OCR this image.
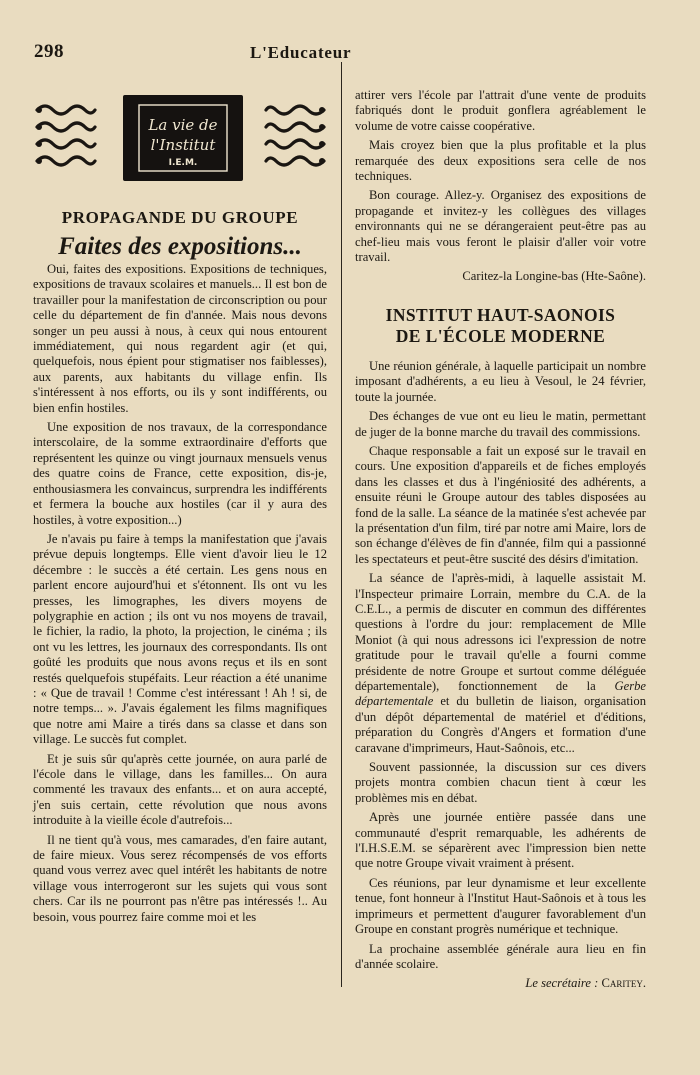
298	L'Educateur
La vie de
l'Institut
I.E.M.
PROPAGANDE DU GROUPE
Faites des expositions...

Oui, faites des expositions. Expositions de techniques, expositions de travaux scolaires et manuels... Il est bon de travailler pour la manifestation de circonscription ou pour celle du département de fin d'année. Mais nous devons songer un peu aussi à nous, à ceux qui nous entourent immédiatement, qui nous regardent agir (et qui, quelquefois, nous épient pour stigmatiser nos faiblesses), aux parents, aux habitants du village enfin. Ils s'intéressent à nos efforts, ou ils y sont indifférents, ou bien enfin hostiles.

Une exposition de nos travaux, de la correspondance interscolaire, de la somme extraordinaire d'efforts que représentent les quinze ou vingt journaux mensuels venus des quatre coins de France, cette exposition, dis-je, enthousiasmera les convaincus, surprendra les indifférents et fermera la bouche aux hostiles (car il y aura des hostiles, à votre exposition...)

Je n'avais pu faire à temps la manifestation que j'avais prévue depuis longtemps. Elle vient d'avoir lieu le 12 décembre : le succès a été certain. Les gens nous en parlent encore aujourd'hui et s'étonnent. Ils ont vu les presses, les limographes, les divers moyens de polygraphie en action ; ils ont vu nos moyens de travail, le fichier, la radio, la photo, la projection, le cinéma ; ils ont vu les lettres, les journaux des correspondants. Ils ont goûté les produits que nous avons reçus et ils en sont restés quelquefois stupéfaits. Leur réaction a été unanime : « Que de travail ! Comme c'est intéressant ! Ah ! si, de notre temps... ». J'avais également les films magnifiques que notre ami Maire a tirés dans sa classe et dans son village. Le succès fut complet.

Et je suis sûr qu'après cette journée, on aura parlé de l'école dans le village, dans les familles... On aura commenté les travaux des enfants... et on aura accepté, j'en suis certain, cette révolution que nous avons introduite à la vieille école d'autrefois...

Il ne tient qu'à vous, mes camarades, d'en faire autant, de faire mieux. Vous serez récompensés de vos efforts quand vous verrez avec quel intérêt les habitants de notre village vous interrogeront sur les sujets qui vous sont chers. Car ils ne pourront pas n'être pas intéressés !.. Au besoin, vous pourrez faire comme moi et les

attirer vers l'école par l'attrait d'une vente de produits fabriqués dont le produit gonflera agréablement le volume de votre caisse coopérative.

Mais croyez bien que la plus profitable et la plus remarquée des deux expositions sera celle de nos techniques.

Bon courage. Allez-y. Organisez des expositions de propagande et invitez-y les collègues des villages environnants qui ne se dérangeraient peut-être pas au chef-lieu mais vous feront le plaisir d'aller voir votre travail.

Caritez-la Longine-bas (Hte-Saône).

INSTITUT HAUT-SAONOIS
DE L'ÉCOLE MODERNE

Une réunion générale, à laquelle participait un nombre imposant d'adhérents, a eu lieu à Vesoul, le 24 février, toute la journée.

Des échanges de vue ont eu lieu le matin, permettant de juger de la bonne marche du travail des commissions.

Chaque responsable a fait un exposé sur le travail en cours. Une exposition d'appareils et de fiches employés dans les classes et dus à l'ingéniosité des adhérents, a ensuite réuni le Groupe autour des tables disposées au fond de la salle. La séance de la matinée s'est achevée par la présentation d'un film, tiré par notre ami Maire, lors de son échange d'élèves de fin d'année, film qui a passionné les spectateurs et peut-être suscité des désirs d'imitation.

La séance de l'après-midi, à laquelle assistait M. l'Inspecteur primaire Lorrain, membre du C.A. de la C.E.L., a permis de discuter en commun des différentes questions à l'ordre du jour: remplacement de Mlle Moniot (à qui nous adressons ici l'expression de notre gratitude pour le travail qu'elle a fourni comme présidente de notre Groupe et surtout comme déléguée départementale), fonctionnement de la Gerbe départementale et du bulletin de liaison, organisation d'un dépôt départemental de matériel et d'éditions, préparation du Congrès d'Angers et formation d'une caravane d'imprimeurs, Haut-Saônois, etc...

Souvent passionnée, la discussion sur ces divers projets montra combien chacun tient à cœur les problèmes mis en débat.

Après une journée entière passée dans une communauté d'esprit remarquable, les adhérents de l'I.H.S.E.M. se séparèrent avec l'impression bien nette que notre Groupe vivait vraiment à présent.

Ces réunions, par leur dynamisme et leur excellente tenue, font honneur à l'Institut Haut-Saônois et à tous les imprimeurs et permettent d'augurer favorablement d'un Groupe en constant progrès numérique et technique.

La prochaine assemblée générale aura lieu en fin d'année scolaire.

Le secrétaire : Caritey.
